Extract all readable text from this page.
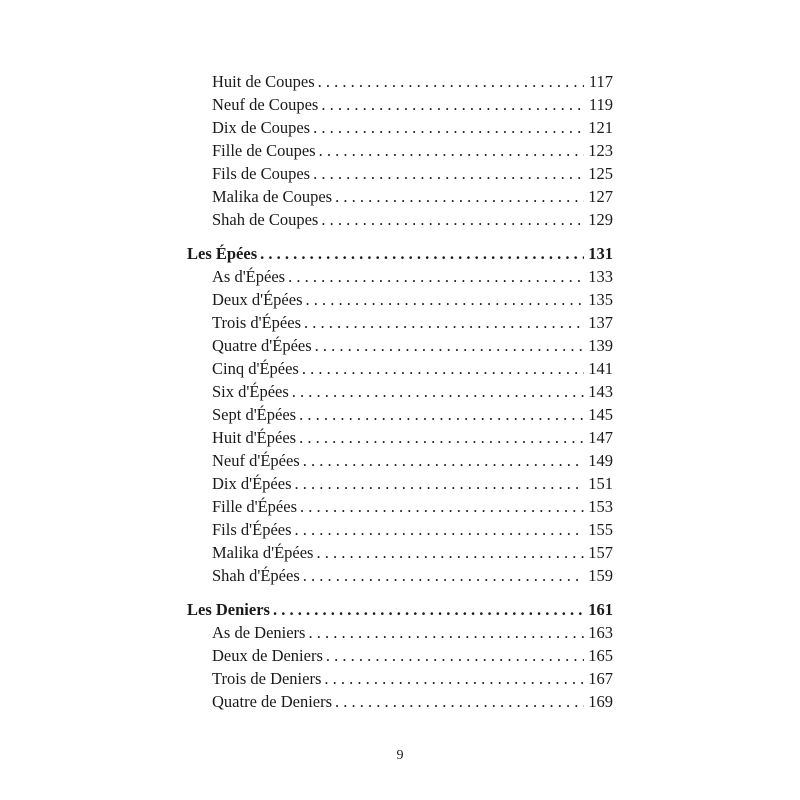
Huit de Coupes . . .	117
Neuf de Coupes . . .	119
Dix de Coupes . . .	121
Fille de Coupes . . .	123
Fils de Coupes . . .	125
Malika de Coupes . . .	127
Shah de Coupes . . .	129
Les Épées . . .	131
As d'Épées . . .	133
Deux d'Épées . . .	135
Trois d'Épées . . .	137
Quatre d'Épées . . .	139
Cinq d'Épées . . .	141
Six d'Épées . . .	143
Sept d'Épées . . .	145
Huit d'Épées . . .	147
Neuf d'Épées . . .	149
Dix d'Épées . . .	151
Fille d'Épées . . .	153
Fils d'Épées . . .	155
Malika d'Épées . . .	157
Shah d'Épées . . .	159
Les Deniers . . .	161
As de Deniers . . .	163
Deux de Deniers . . .	165
Trois de Deniers . . .	167
Quatre de Deniers . . .	169
9
